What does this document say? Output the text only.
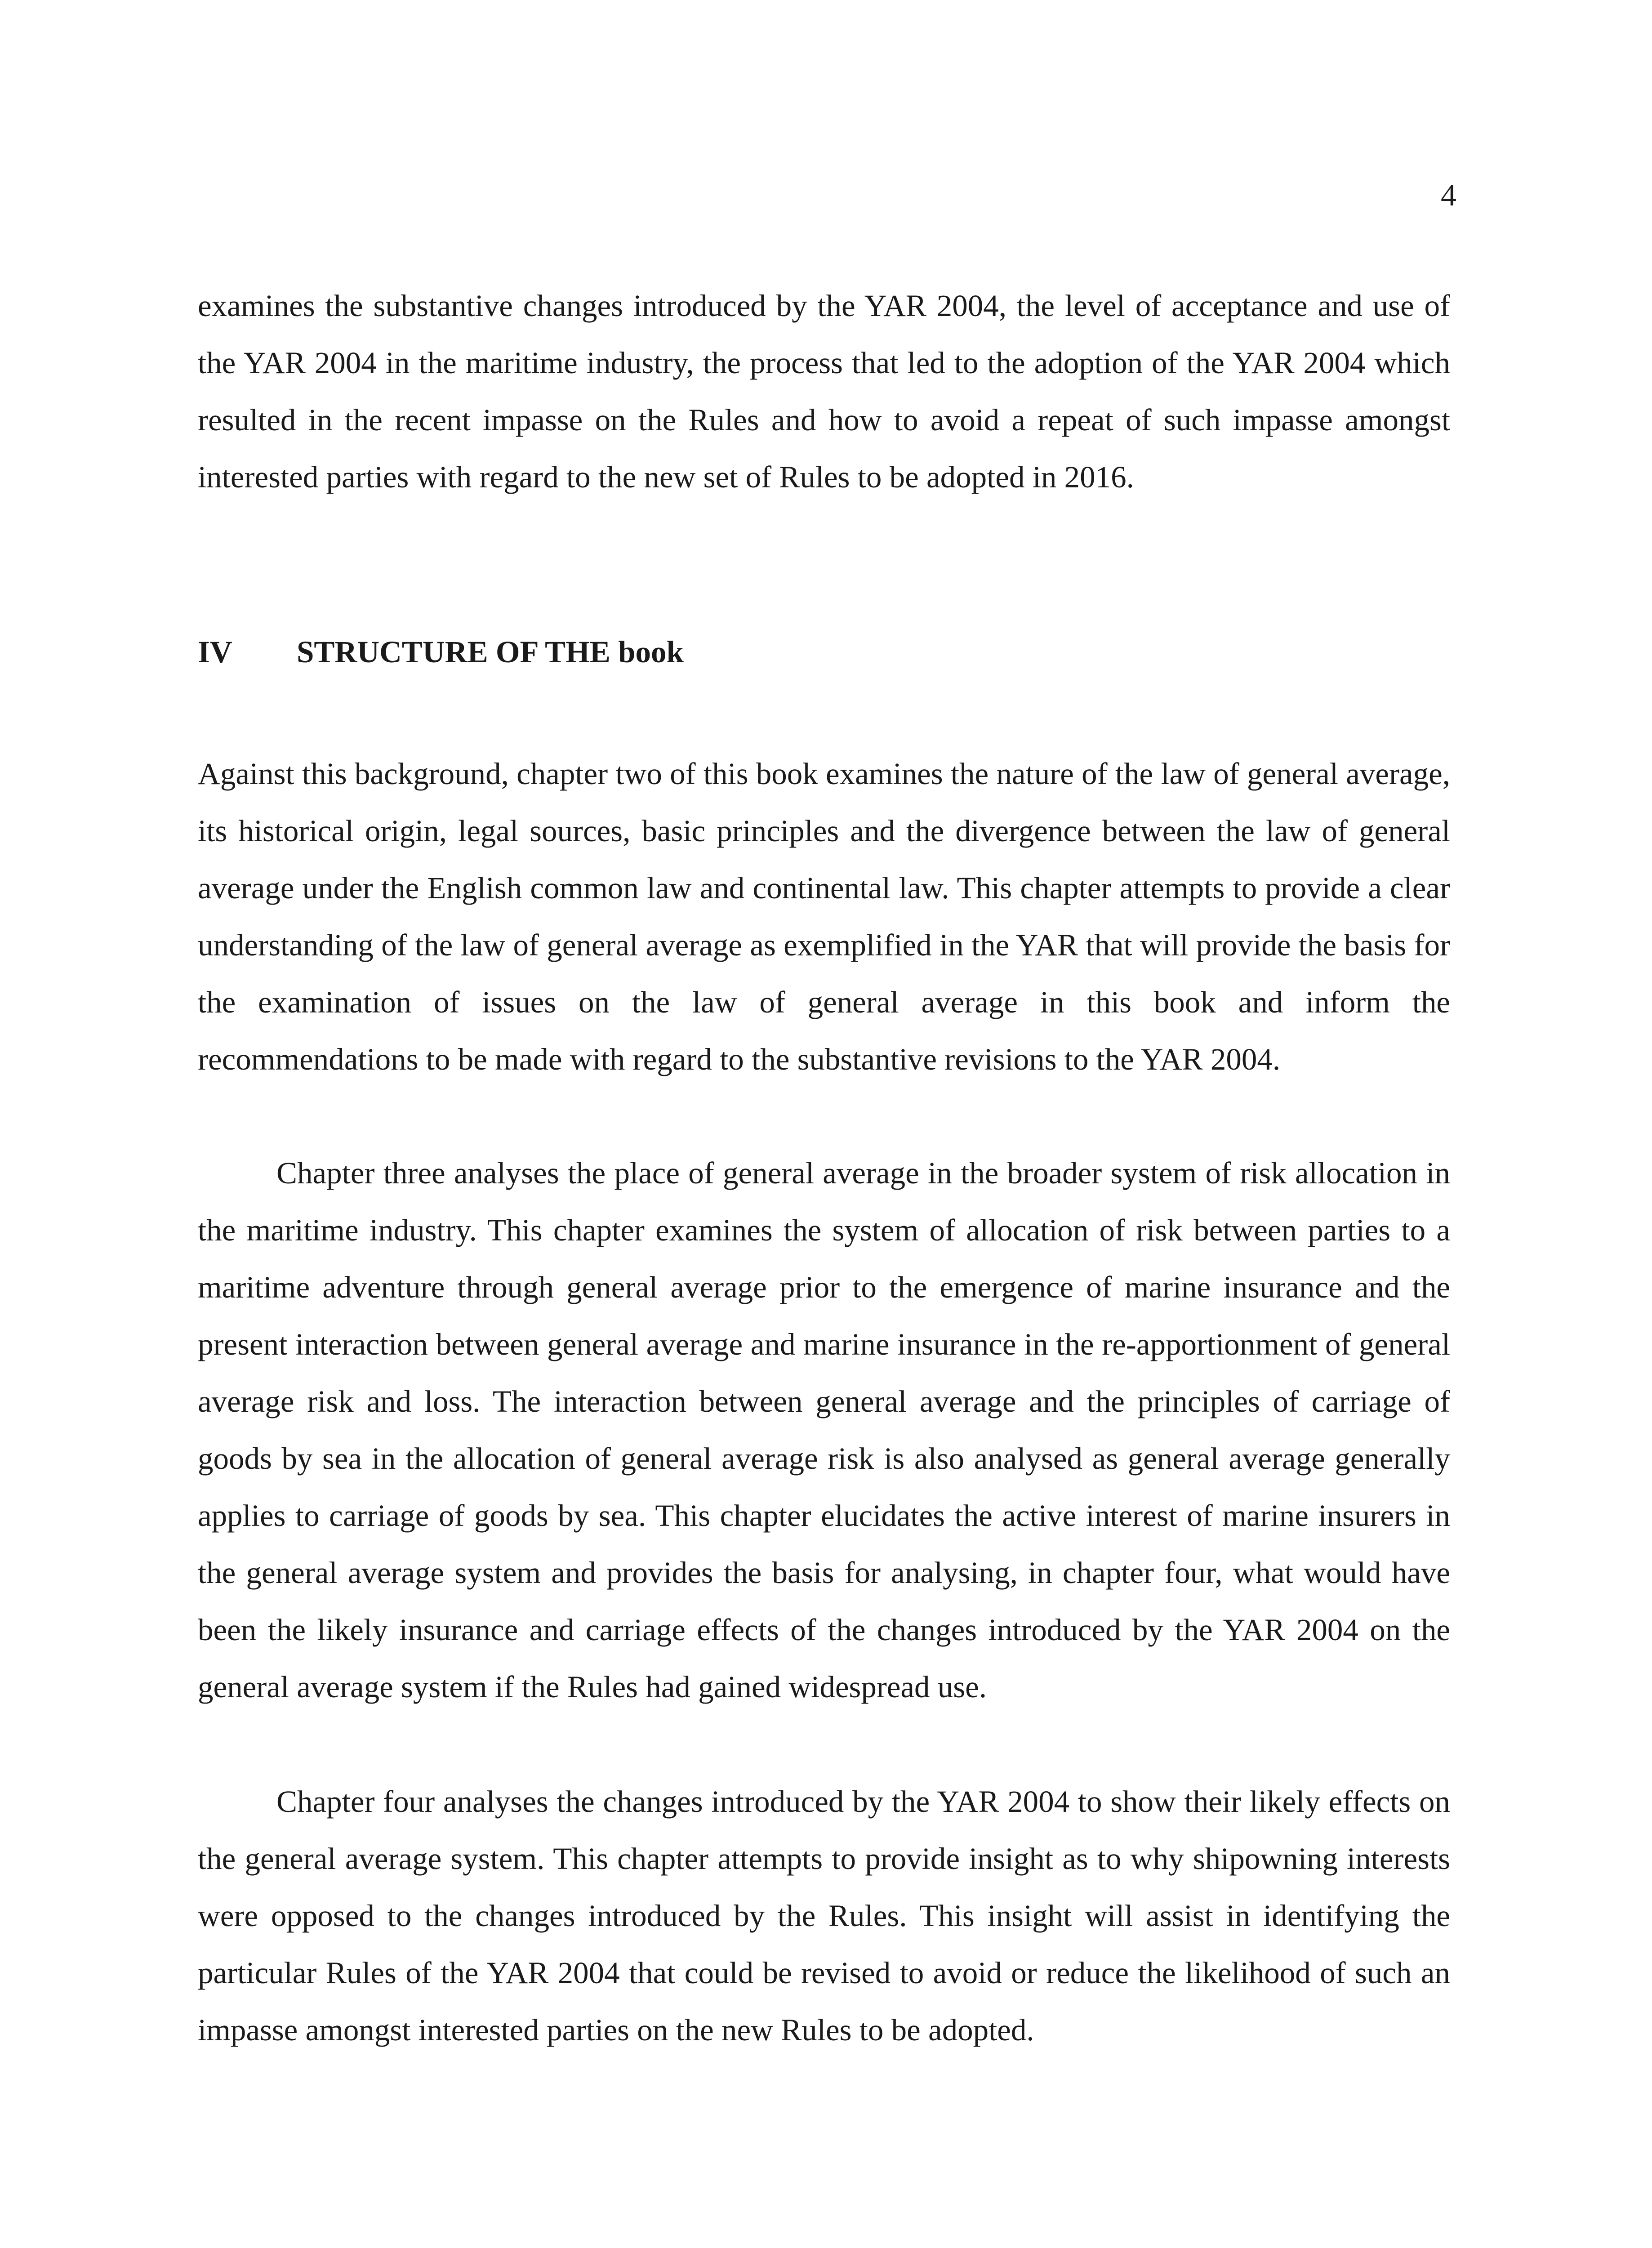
4

examines the substantive changes introduced by the YAR 2004, the level of acceptance and use of the YAR 2004 in the maritime industry, the process that led to the adoption of the YAR 2004 which resulted in the recent impasse on the Rules and how to avoid a repeat of such impasse amongst interested parties with regard to the new set of Rules to be adopted in 2016.

IV STRUCTURE OF THE book

Against this background, chapter two of this book examines the nature of the law of general average, its historical origin, legal sources, basic principles and the divergence between the law of general average under the English common law and continental law. This chapter attempts to provide a clear understanding of the law of general average as exemplified in the YAR that will provide the basis for the examination of issues on the law of general average in this book and inform the recommendations to be made with regard to the substantive revisions to the YAR 2004.

Chapter three analyses the place of general average in the broader system of risk allocation in the maritime industry. This chapter examines the system of allocation of risk between parties to a maritime adventure through general average prior to the emergence of marine insurance and the present interaction between general average and marine insurance in the re-apportionment of general average risk and loss. The interaction between general average and the principles of carriage of goods by sea in the allocation of general average risk is also analysed as general average generally applies to carriage of goods by sea. This chapter elucidates the active interest of marine insurers in the general average system and provides the basis for analysing, in chapter four, what would have been the likely insurance and carriage effects of the changes introduced by the YAR 2004 on the general average system if the Rules had gained widespread use.

Chapter four analyses the changes introduced by the YAR 2004 to show their likely effects on the general average system. This chapter attempts to provide insight as to why shipowning interests were opposed to the changes introduced by the Rules. This insight will assist in identifying the particular Rules of the YAR 2004 that could be revised to avoid or reduce the likelihood of such an impasse amongst interested parties on the new Rules to be adopted.
